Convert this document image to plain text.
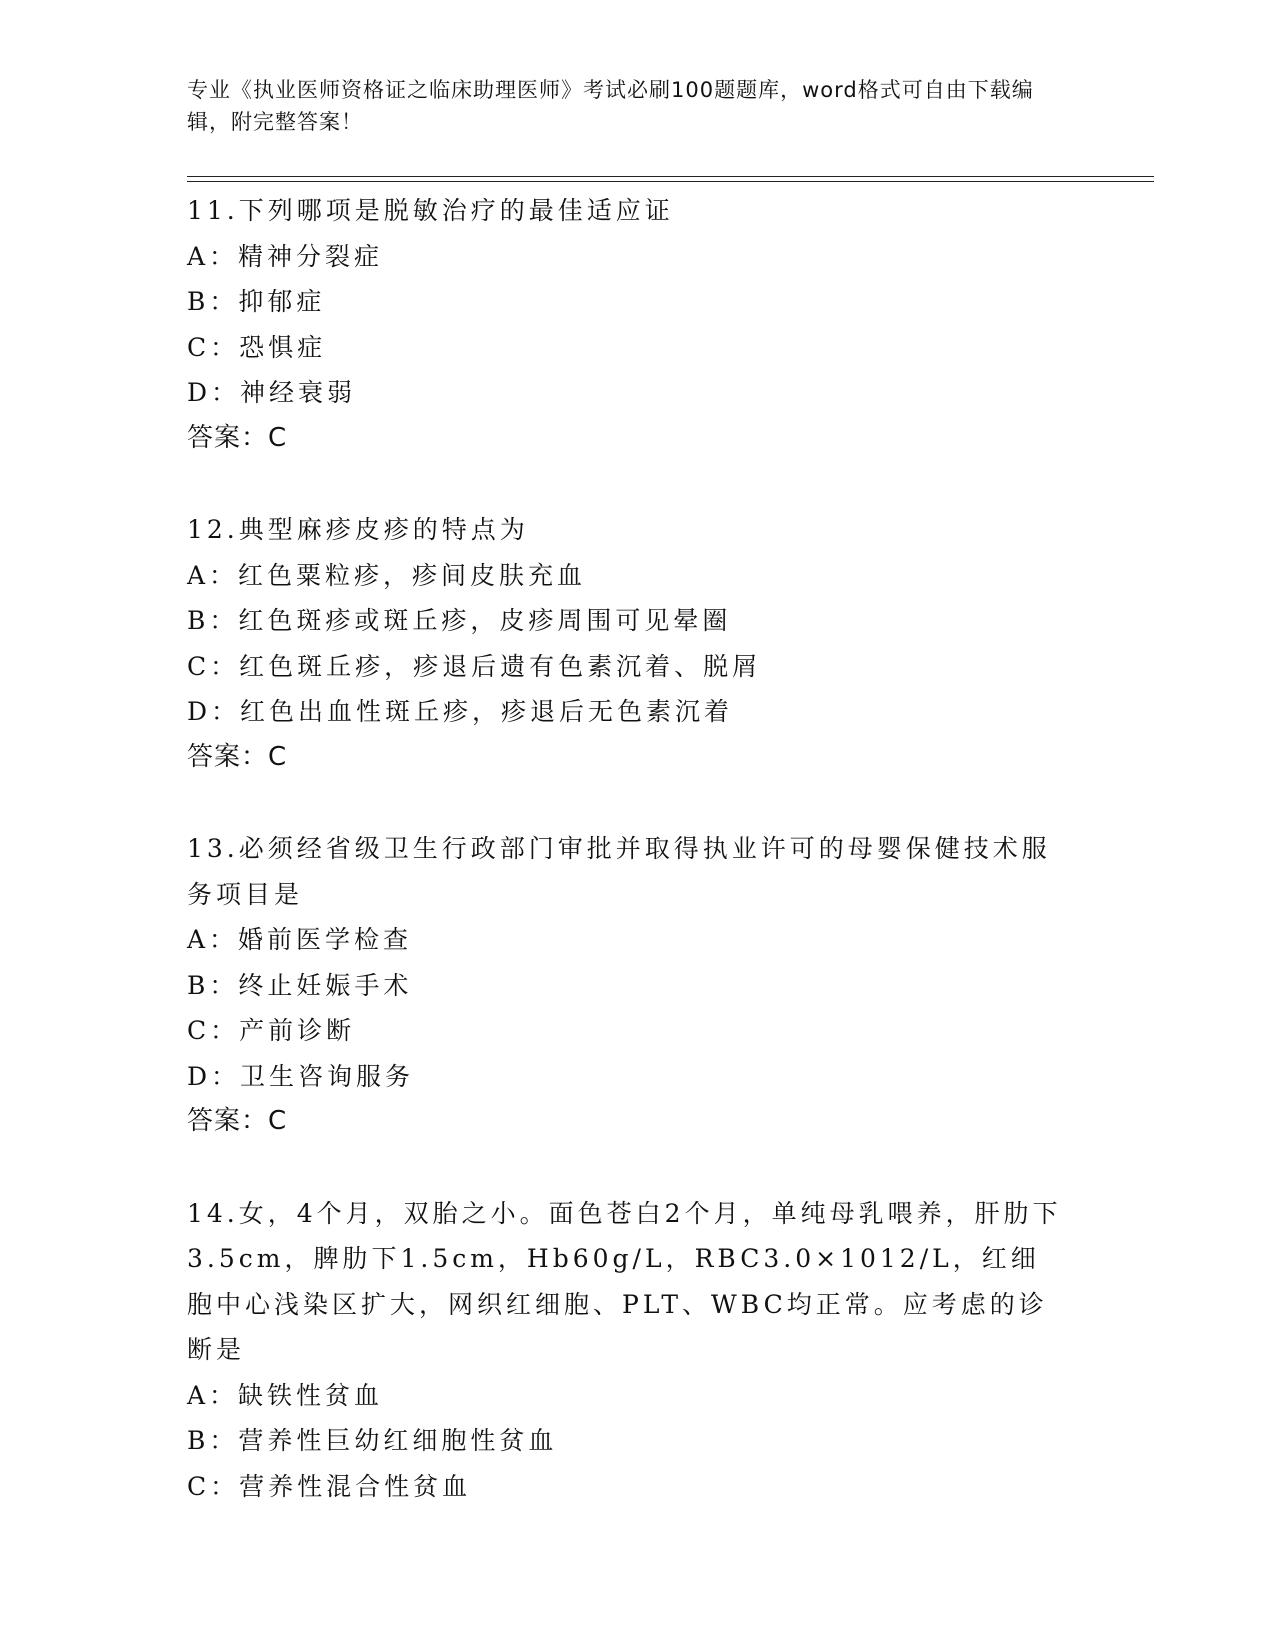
专业《执业医师资格证之临床助理医师》考试必刷100题题库，word格式可自由下载编辑，附完整答案！
11.下列哪项是脱敏治疗的最佳适应证
A：精神分裂症
B：抑郁症
C：恐惧症
D：神经衰弱
答案：C
12.典型麻疹皮疹的特点为
A：红色粟粒疹，疹间皮肤充血
B：红色斑疹或斑丘疹，皮疹周围可见晕圈
C：红色斑丘疹，疹退后遗有色素沉着、脱屑
D：红色出血性斑丘疹，疹退后无色素沉着
答案：C
13.必须经省级卫生行政部门审批并取得执业许可的母婴保健技术服务项目是
A：婚前医学检查
B：终止妊娠手术
C：产前诊断
D：卫生咨询服务
答案：C
14.女，4个月，双胎之小。面色苍白2个月，单纯母乳喂养，肝肋下3.5cm，脾肋下1.5cm，Hb60g/L，RBC3.0×1012/L，红细胞中心浅染区扩大，网织红细胞、PLT、WBC均正常。应考虑的诊断是
A：缺铁性贫血
B：营养性巨幼红细胞性贫血
C：营养性混合性贫血
